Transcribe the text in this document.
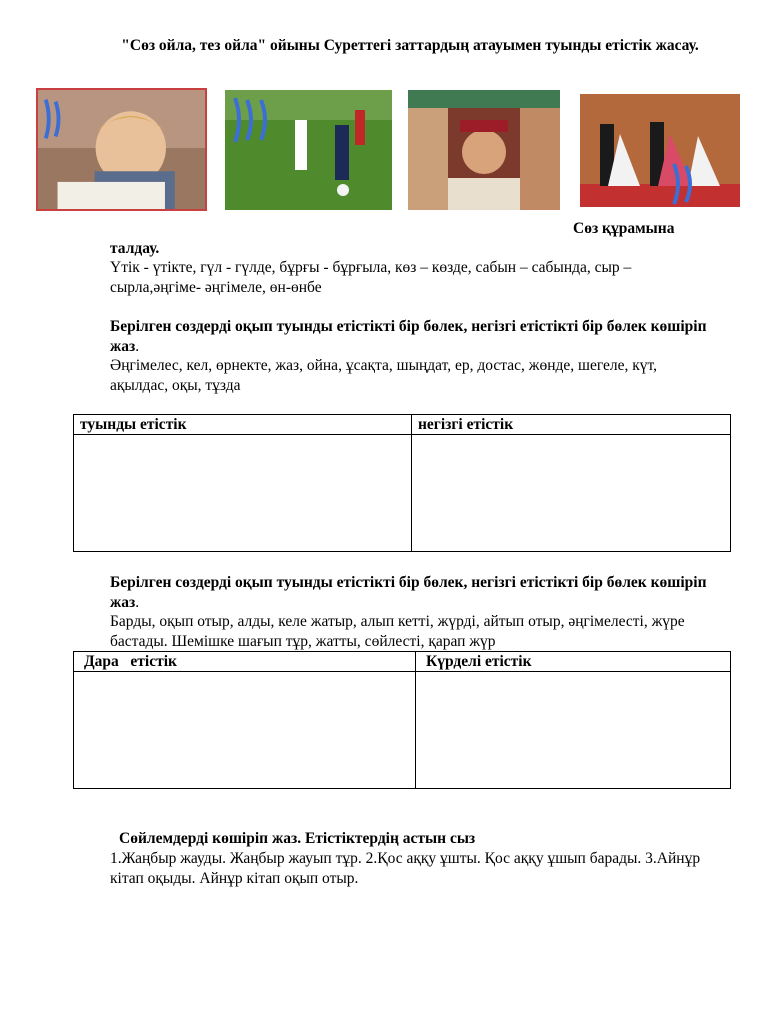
"Сөз ойла, тез ойла" ойыны Суреттегі заттардың атауымен туынды етістік жасау.
Сөз құрамына
талдау.
Үтік - үтікте, гүл - гүлде, бұрғы - бұрғыла, көз – көзде, сабын – сабында, сыр – сырла,әңгіме- әңгімеле, өн-өнбе
Берілген сөздерді оқып туынды етістікті бір бөлек, негізгі етістікті бір бөлек көшіріп жаз.
Әңгімелес, кел, өрнекте, жаз, ойна, ұсақта, шыңдат, ер, достас, жөнде, шегеле, күт, ақылдас, оқы, тұзда
туынды етістік	негізгі етістік

Берілген сөздерді оқып туынды етістікті бір бөлек, негізгі етістікті бір бөлек көшіріп жаз.
Барды, оқып отыр, алды, келе жатыр, алып кетті, жүрді, айтып отыр, әңгімелесті, жүре бастады. Шемішке шағып тұр, жатты, сөйлесті, қарап жүр
Дара   етістік	Күрделі етістік

Сөйлемдерді көшіріп жаз. Етістіктердің астын сыз
1.Жаңбыр жауды. Жаңбыр жауып тұр. 2.Қос аққу ұшты. Қос аққу ұшып барады. 3.Айнұр кітап оқыды. Айнұр кітап оқып отыр.
